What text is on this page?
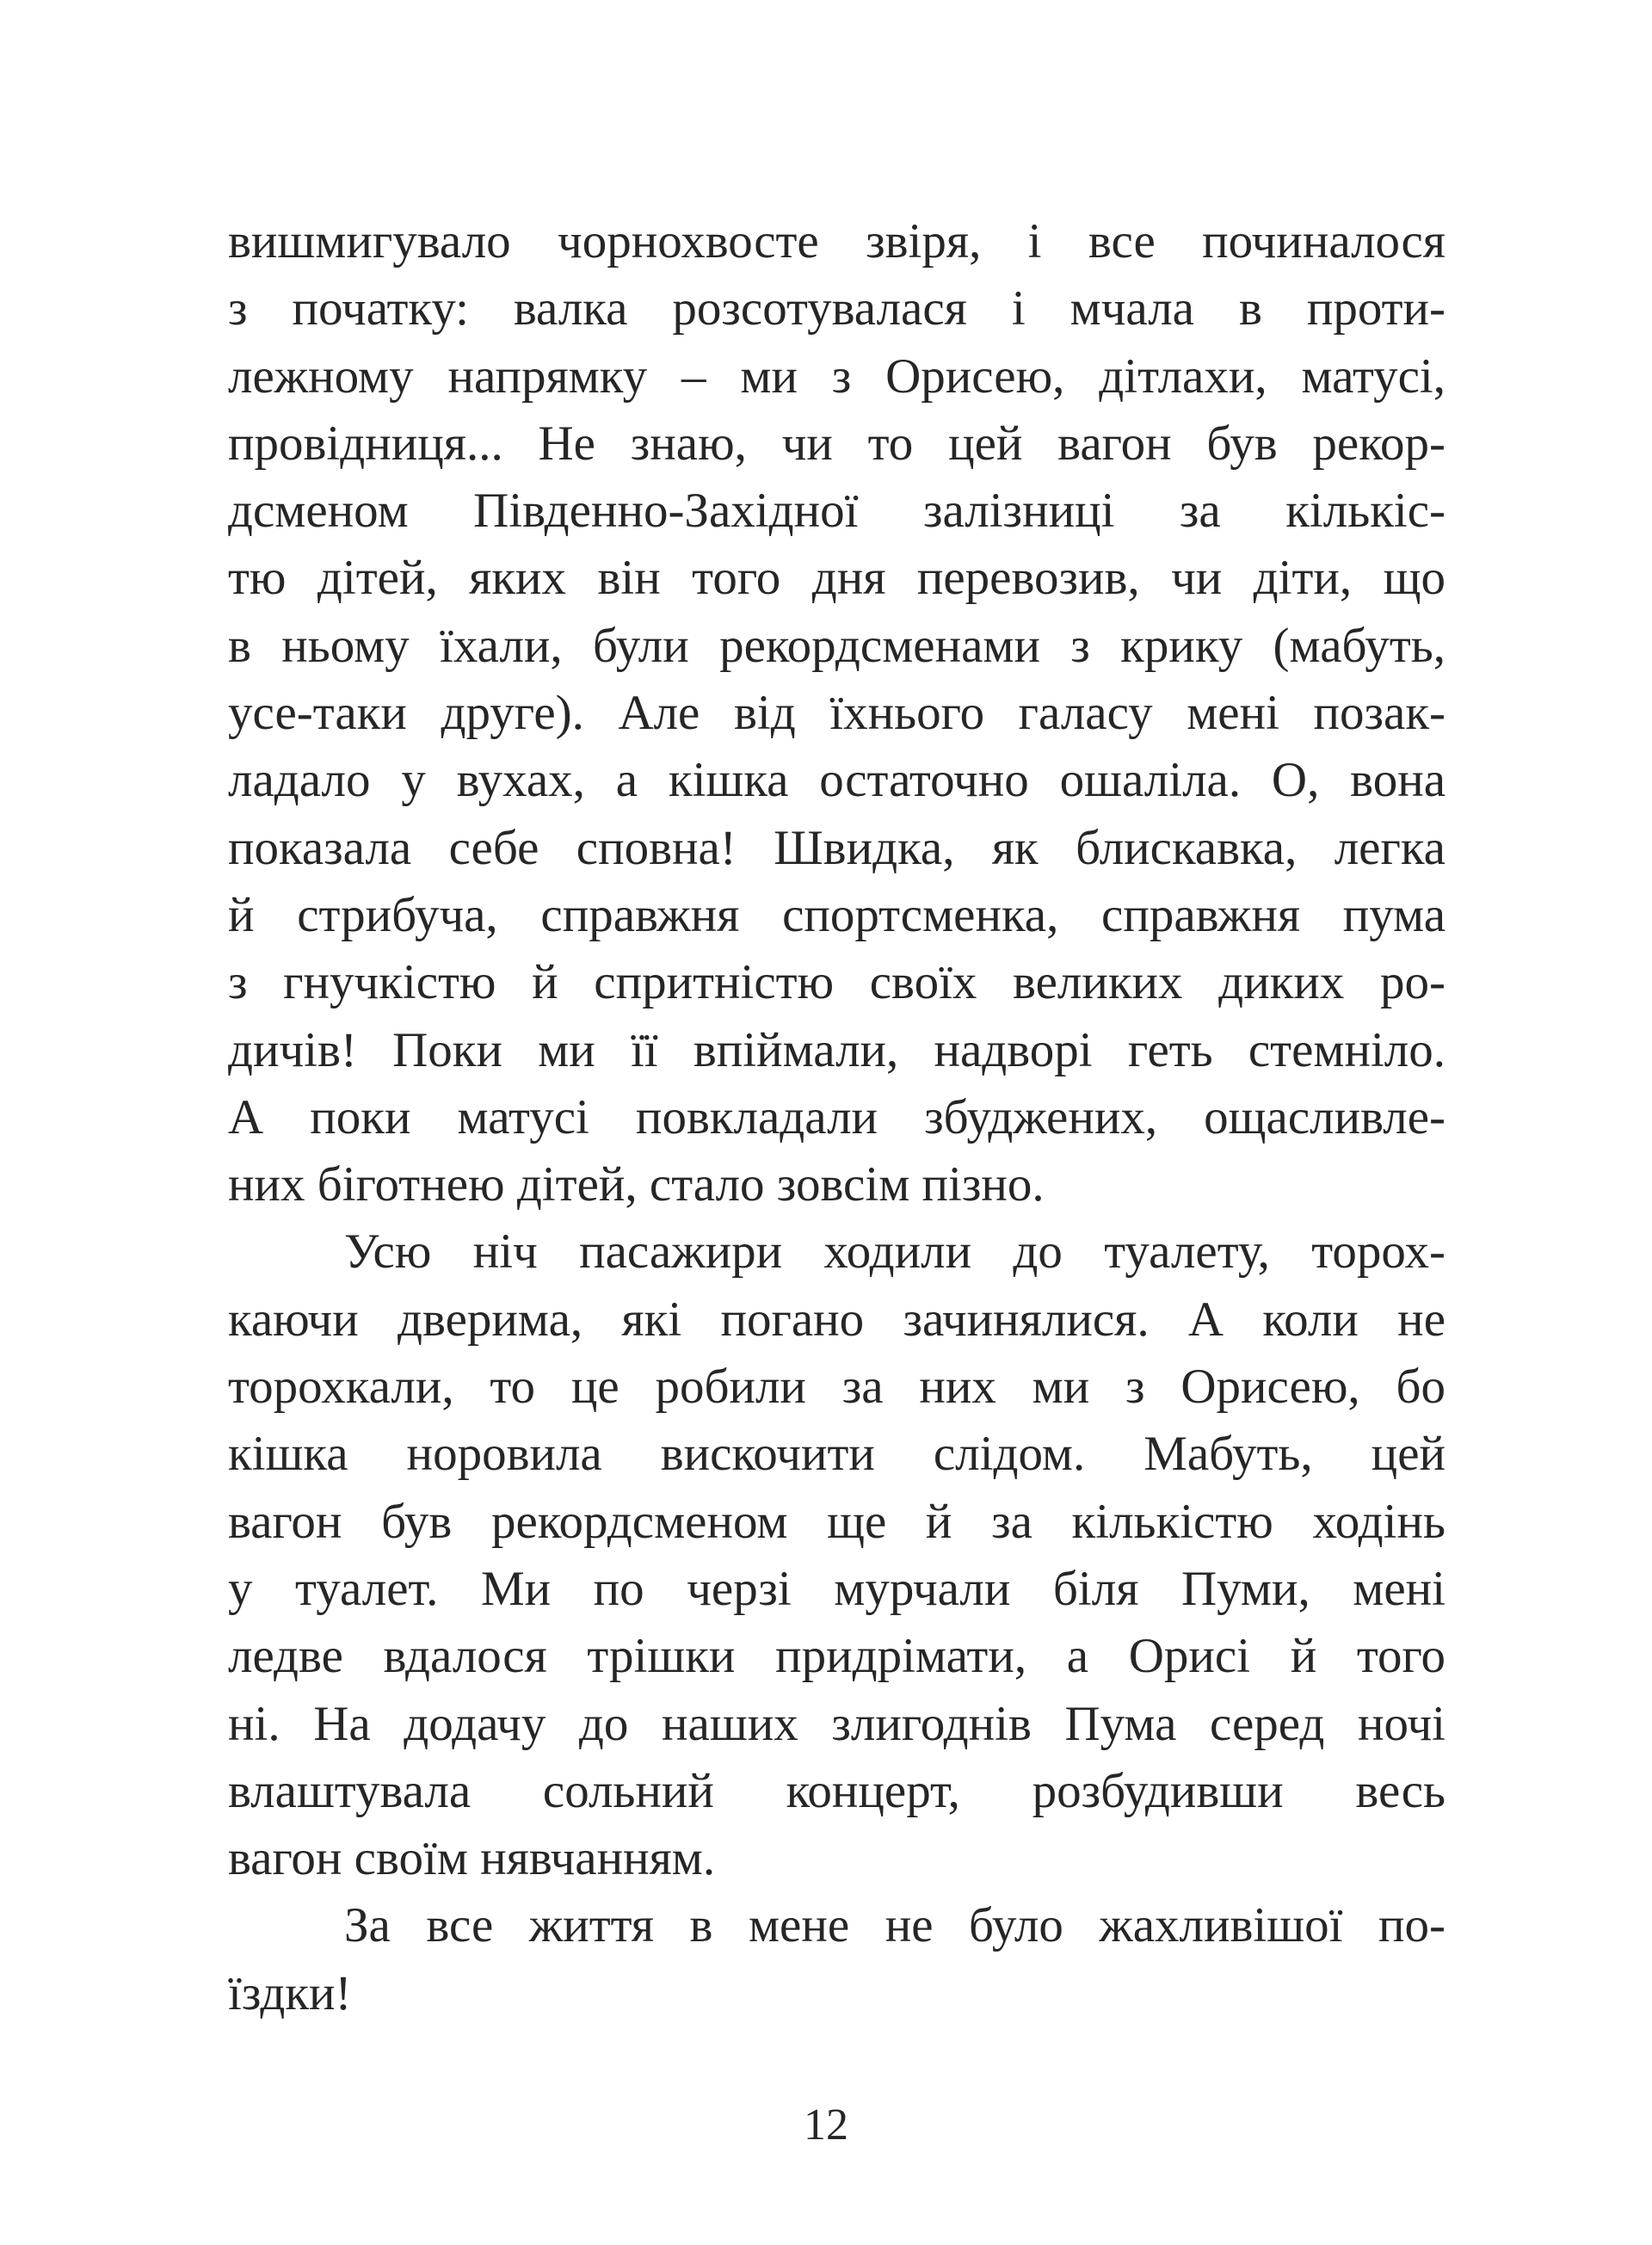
вишмигувало чорнохвосте звіря, і все починалося
з початку: валка розсотувалася і мчала в проти-
лежному напрямку – ми з Орисею, дітлахи, матусі,
провідниця... Не знаю, чи то цей вагон був рекор-
дсменом Південно-Західної залізниці за кількіс-
тю дітей, яких він того дня перевозив, чи діти, що
в ньому їхали, були рекордсменами з крику (мабуть,
усе-таки друге). Але від їхнього галасу мені позак-
ладало у вухах, а кішка остаточно ошаліла. О, вона
показала себе сповна! Швидка, як блискавка, легка
й стрибуча, справжня спортсменка, справжня пума
з гнучкістю й спритністю своїх великих диких ро-
дичів! Поки ми її впіймали, надворі геть стемніло.
А поки матусі повкладали збуджених, ощасливле-
них біготнею дітей, стало зовсім пізно.
Усю ніч пасажири ходили до туалету, торох-
каючи дверима, які погано зачинялися. А коли не
торохкали, то це робили за них ми з Орисею, бо
кішка норовила вискочити слідом. Мабуть, цей
вагон був рекордсменом ще й за кількістю ходінь
у туалет. Ми по черзі мурчали біля Пуми, мені
ледве вдалося трішки придрімати, а Орисі й того
ні. На додачу до наших злигоднів Пума серед ночі
влаштувала сольний концерт, розбудивши весь
вагон своїм нявчанням.
За все життя в мене не було жахливішої по-
їздки!
12
